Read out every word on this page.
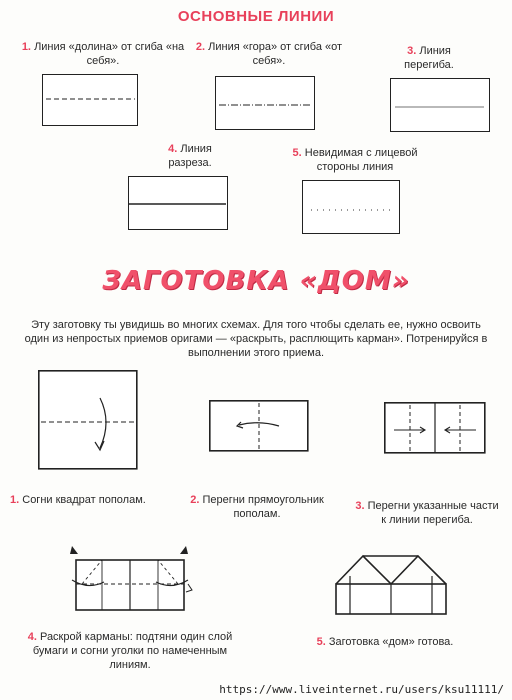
ОСНОВНЫЕ ЛИНИИ
1. Линия «долина» от сгиба «на себя».
2. Линия «гора» от сгиба «от себя».
3. Линия перегиба.
4. Линия разреза.
5. Невидимая с лицевой стороны линия
ЗАГОТОВКА «ДОМ»
Эту заготовку ты увидишь во многих схемах. Для того чтобы сделать ее, нужно освоить один из непростых приемов оригами — «раскрыть, расплющить карман». Потренируйся в выполнении этого приема.
1. Согни квадрат пополам.	2. Перегни прямоугольник пополам.
3. Перегни указанные части к линии перегиба.
4. Раскрой карманы: подтяни один слой бумаги и согни уголки по намеченным линиям.
5. Заготовка «дом» готова.
https://www.liveinternet.ru/users/ksu11111/
